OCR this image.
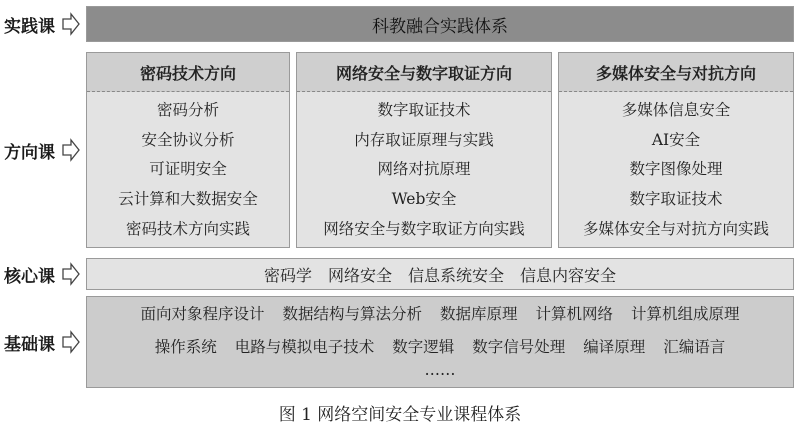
实践课
方向课
核心课
基础课
科教融合实践体系
密码技术方向
密码分析
安全协议分析
可证明安全
云计算和大数据安全
密码技术方向实践
网络安全与数字取证方向
数字取证技术
内存取证原理与实践
网络对抗原理
Web安全
网络安全与数字取证方向实践
多媒体安全与对抗方向
多媒体信息安全
AI安全
数字图像处理
数字取证技术
多媒体安全与对抗方向实践
密码学 网络安全 信息系统安全 信息内容安全
面向对象程序设计 数据结构与算法分析 数据库原理 计算机网络 计算机组成原理
操作系统 电路与模拟电子技术 数字逻辑 数字信号处理 编译原理 汇编语言
……
图 1 网络空间安全专业课程体系
